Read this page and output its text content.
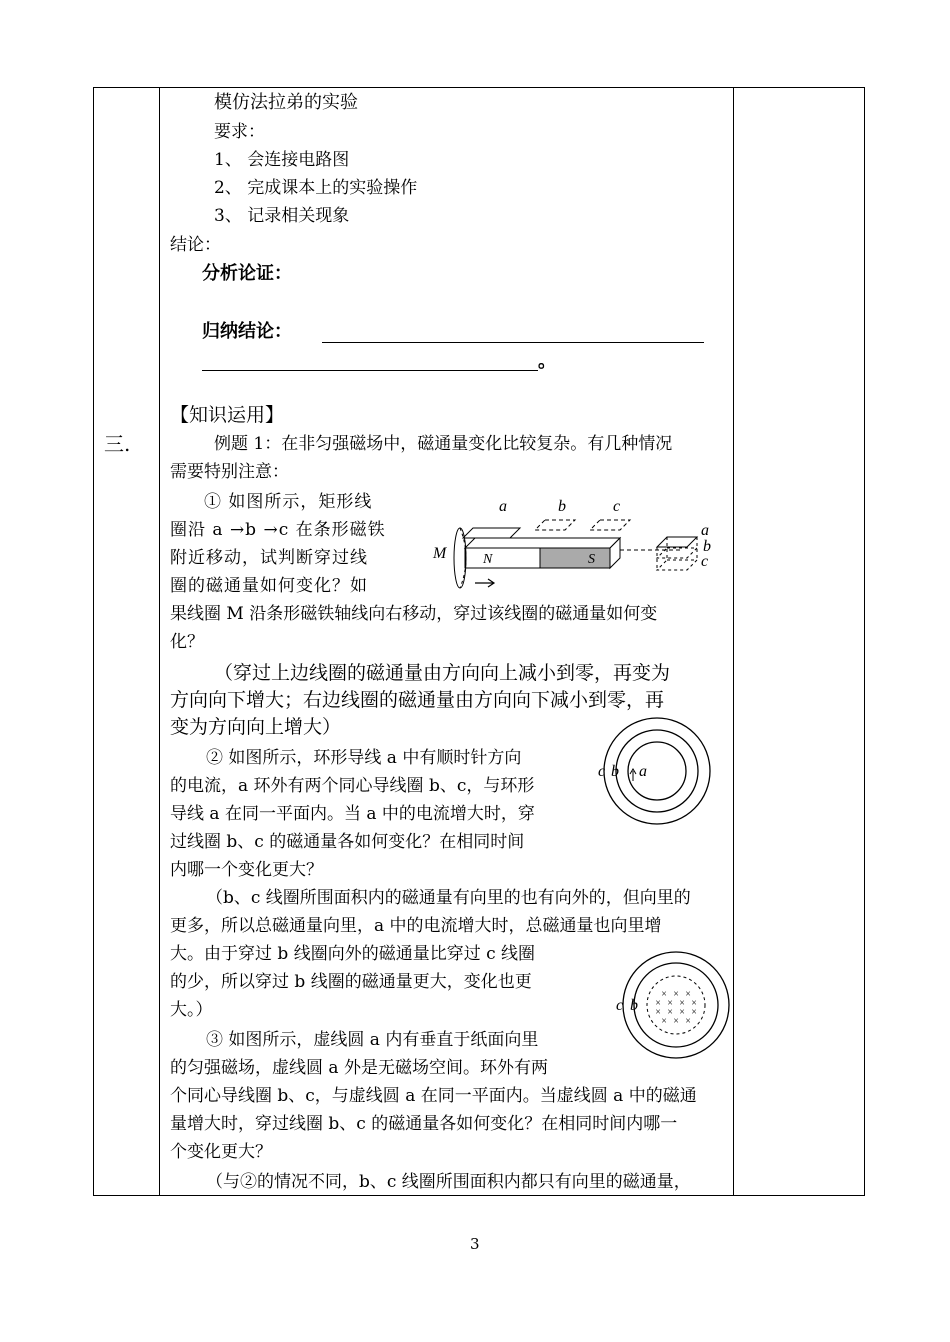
三.
模仿法拉弟的实验
要求：
1、 会连接电路图
2、 完成课本上的实验操作
3、 记录相关现象
结论：
分析论证：
归纳结论：
。
【知识运用】
例题 1：在非匀强磁场中，磁通量变化比较复杂。有几种情况
需要特别注意：
① 如图所示，矩形线
圈沿 a →b →c 在条形磁铁
附近移动，试判断穿过线
圈的磁通量如何变化？如
果线圈 M 沿条形磁铁轴线向右移动，穿过该线圈的磁通量如何变
化？
（穿过上边线圈的磁通量由方向向上减小到零，再变为
方向向下增大；右边线圈的磁通量由方向向下减小到零，再
变为方向向上增大）
a	b	c
N	S
M
a
b
c
② 如图所示，环形导线 a 中有顺时针方向
的电流，a 环外有两个同心导线圈 b、c，与环形
导线 a 在同一平面内。当 a 中的电流增大时，穿
过线圈 b、c 的磁通量各如何变化？在相同时间
内哪一个变化更大？
c b a
（b、c 线圈所围面积内的磁通量有向里的也有向外的，但向里的
更多，所以总磁通量向里，a 中的电流增大时，总磁通量也向里增
大。由于穿过 b 线圈向外的磁通量比穿过 c 线圈
的少，所以穿过 b 线圈的磁通量更大，变化也更
大。）	c b
× × ×
× × × ×
× × × ×
× × ×
③ 如图所示，虚线圆 a 内有垂直于纸面向里
的匀强磁场，虚线圆 a 外是无磁场空间。环外有两
个同心导线圈 b、c，与虚线圆 a 在同一平面内。当虚线圆 a 中的磁通
量增大时，穿过线圈 b、c 的磁通量各如何变化？在相同时间内哪一
个变化更大？
（与②的情况不同，b、c 线圈所围面积内都只有向里的磁通量，
3
